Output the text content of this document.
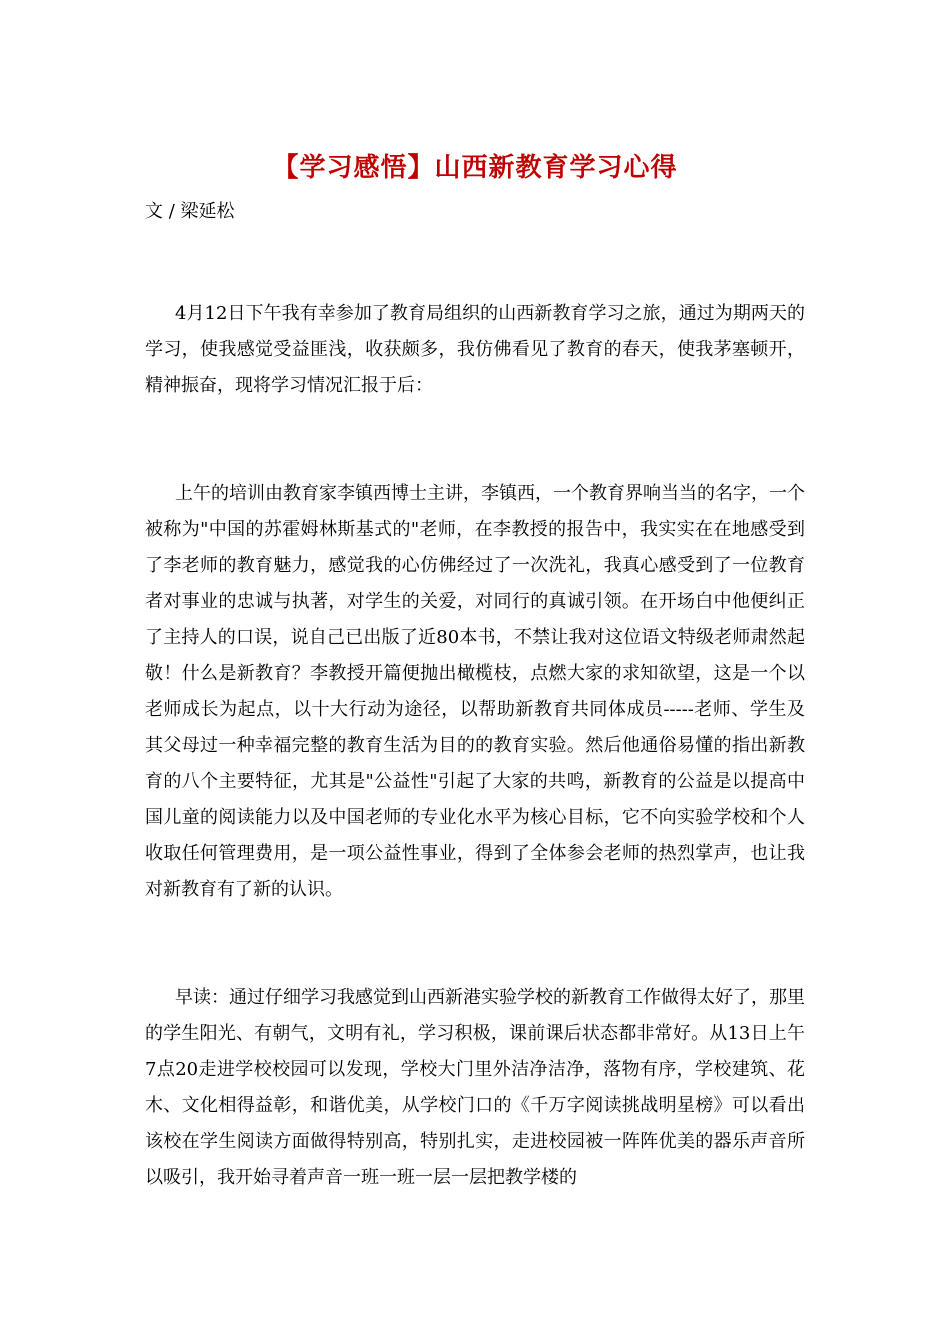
【学习感悟】山西新教育学习心得
文 / 梁延松

4月12日下午我有幸参加了教育局组织的山西新教育学习之旅，通过为期两天的学习，使我感觉受益匪浅，收获颇多，我仿佛看见了教育的春天，使我茅塞顿开，精神振奋，现将学习情况汇报于后：

上午的培训由教育家李镇西博士主讲，李镇西，一个教育界响当当的名字，一个被称为"中国的苏霍姆林斯基式的"老师，在李教授的报告中，我实实在在地感受到了李老师的教育魅力，感觉我的心仿佛经过了一次洗礼，我真心感受到了一位教育者对事业的忠诚与执著，对学生的关爱，对同行的真诚引领。在开场白中他便纠正了主持人的口误，说自己已出版了近80本书，不禁让我对这位语文特级老师肃然起敬！什么是新教育？李教授开篇便抛出橄榄枝，点燃大家的求知欲望，这是一个以 老师成长为起点，以十大行动为途径，以帮助新教育共同体成员-----老师、学生及其父母过一种幸福完整的教育生活为目的的教育实验。然后他通俗易懂的指出新教育的八个主要特征，尤其是"公益性"引起了大家的共鸣，新教育的公益是以提高中国儿童的阅读能力以及中国老师的专业化水平为核心目标，它不向实验学校和个人收取任何管理费用，是一项公益性事业，得到了全体参会老师的热烈掌声，也让我对新教育有了新的认识。

早读：通过仔细学习我感觉到山西新港实验学校的新教育工作做得太好了，那里的学生阳光、有朝气，文明有礼，学习积极，课前课后状态都非常好。从13日上午7点20走进学校校园可以发现，学校大门里外洁净洁净，落物有序，学校建筑、花木、文化相得益彰，和谐优美，从学校门口的《千万字阅读挑战明星榜》可以看出该校在学生阅读方面做得特别高，特别扎实，走进校园被一阵阵优美的器乐声音所以吸引，我开始寻着声音一班一班一层一层把教学楼的
